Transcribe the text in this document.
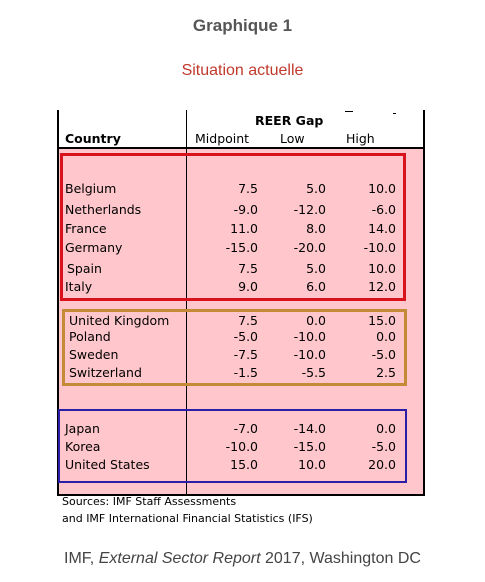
Graphique 1
Situation actuelle
REER Gap
Country	Midpoint Low	High
Belgium	7.5	5.0	10.0
Netherlands	-9.0	-12.0	-6.0
France	11.0	8.0	14.0
Germany	-15.0	-20.0	-10.0
Spain	7.5	5.0	10.0
Italy	9.0	6.0	12.0
United Kingdom	7.5	0.0	15.0
Poland	-5.0	-10.0	0.0
Sweden	-7.5	-10.0	-5.0
Switzerland	-1.5	-5.5	2.5
Japan	-7.0	-14.0	0.0
Korea	-10.0	-15.0	-5.0
United States	15.0	10.0	20.0
Sources: IMF Staff Assessments
and IMF International Financial Statistics (IFS)
IMF, External Sector Report 2017, Washington DC
